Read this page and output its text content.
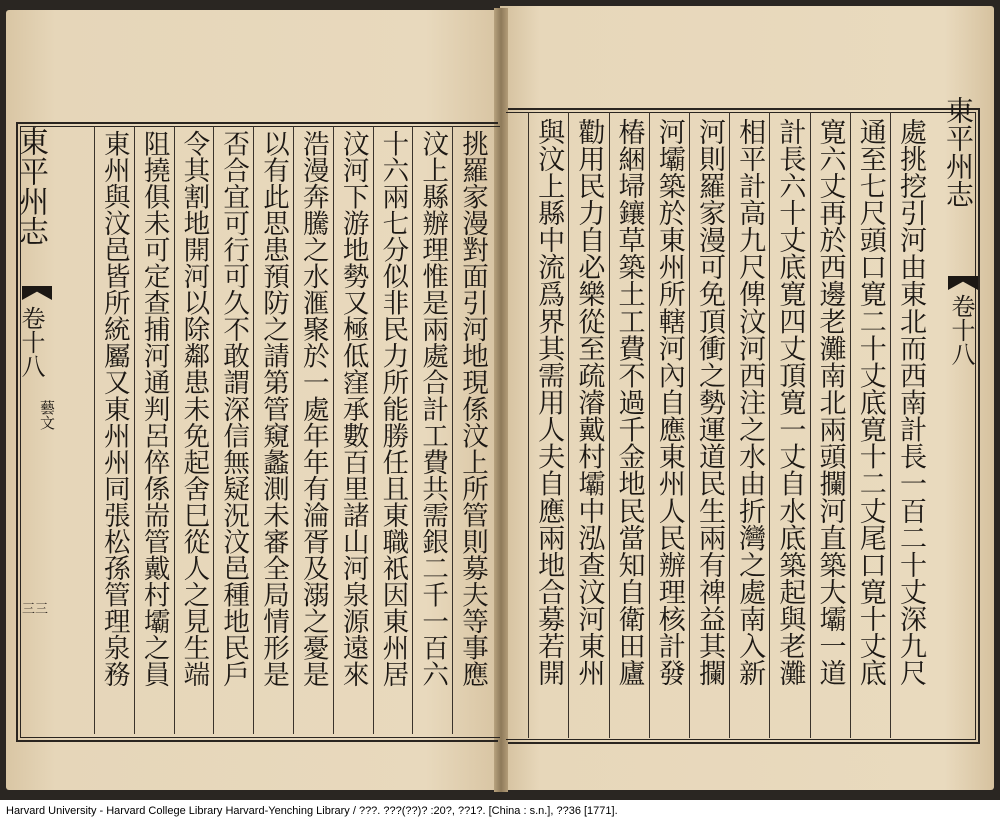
東平州志
卷十八
藝文
三三
東平州志
卷十八
處挑挖引河由東北而西南計長一百二十丈深九尺
通至七尺頭口寛二十丈底寛十二丈尾口寛十丈底
寛六丈再於西邊老灘南北兩頭攔河直築大壩一道
計長六十丈底寛四丈頂寛一丈自水底築起與老灘
相平計高九尺俾汶河西注之水由折灣之處南入新
河則羅家漫可免頂衝之勢運道民生兩有禆益其攔
河壩築於東州所轄河內自應東州人民辦理核計發
椿綑埽鑲草築土工費不過千金地民當知自衛田廬
勸用民力自必樂從至疏濬戴村壩中泓查汶河東州
與汶上縣中流爲界其需用人夫自應兩地合募若開
挑羅家漫對面引河地現係汶上所管則募夫等事應
汶上縣辦理惟是兩處合計工費共需銀二千一百六
十六兩七分似非民力所能勝任且東職祇因東州居
汶河下游地勢又極低窪承數百里諸山河泉源遠來
浩漫奔騰之水滙聚於一處年年有淪胥及溺之憂是
以有此思患預防之請第管窺蠡測未審全局情形是
否合宜可行可久不敢謂深信無疑況汶邑種地民戶
令其割地開河以除鄰患未免起舍巳從人之見生端
阻撓俱未可定查捕河通判呂倅係耑管戴村壩之員
東州與汶邑皆所統屬又東州州同張松孫管理泉務
Harvard University - Harvard College Library Harvard-Yenching Library / ???. ???(??)? :20?, ??1?. [China : s.n.], ??36 [1771].
